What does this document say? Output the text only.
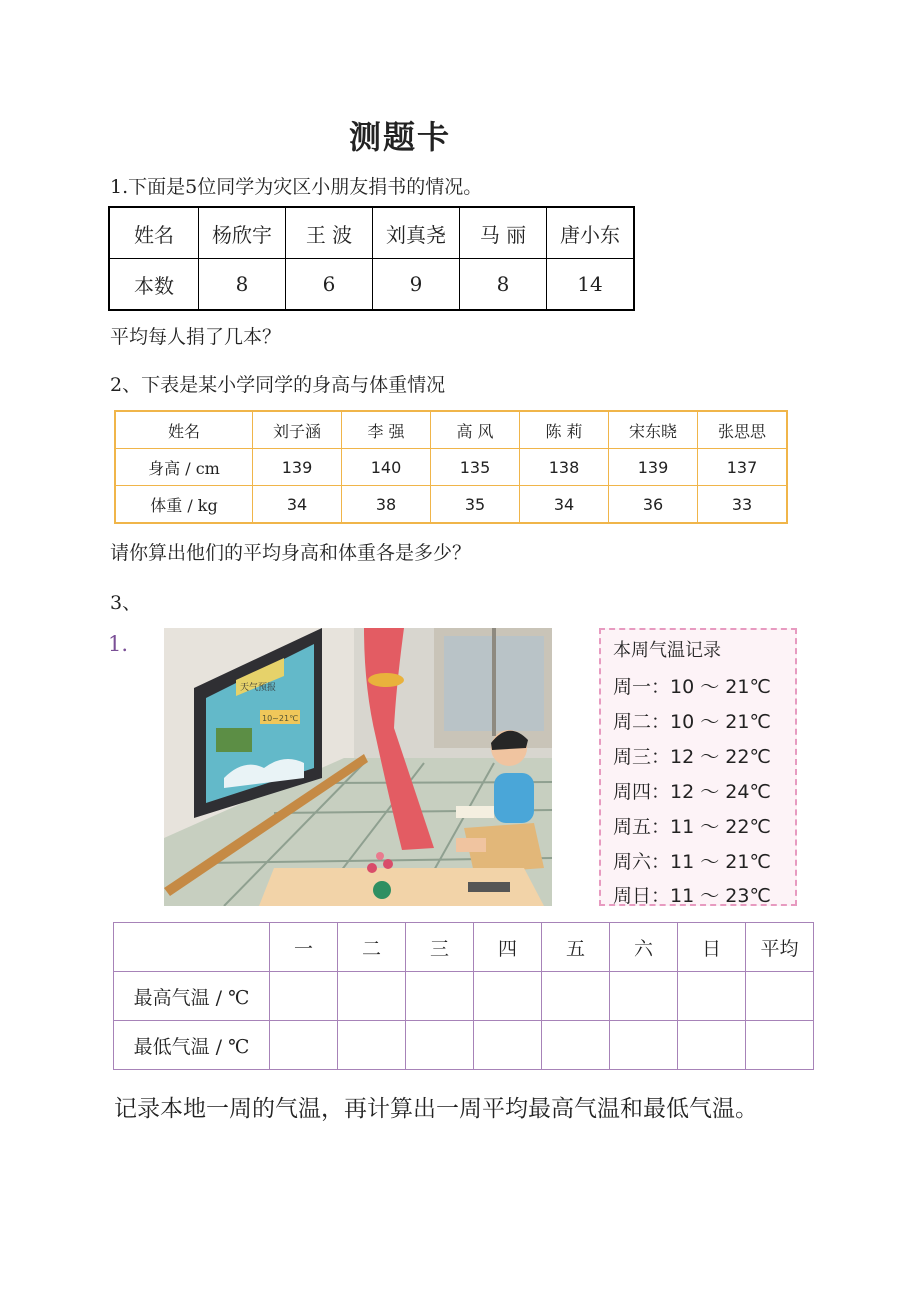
测题卡
1.下面是5位同学为灾区小朋友捐书的情况。
姓名	杨欣宇	王 波	刘真尧	马 丽	唐小东
本数	8	6	9	8	14
平均每人捐了几本？
2、下表是某小学同学的身高与体重情况
姓名	刘子涵	李 强	高 风	陈 莉	宋东晓	张思思
身高 / cm	139	140	135	138	139	137
体重 / kg	34	38	35	34	36	33
请你算出他们的平均身高和体重各是多少？
3、
1.
天气预报
10~21℃
本周气温记录
周一：10 ～ 21℃
周二：10 ～ 21℃
周三：12 ～ 22℃
周四：12 ～ 24℃
周五：11 ～ 22℃
周六：11 ～ 21℃
周日：11 ～ 23℃
	一	二	三	四	五	六	日	平均
最高气温 / ℃								
最低气温 / ℃								
记录本地一周的气温，再计算出一周平均最高气温和最低气温。
